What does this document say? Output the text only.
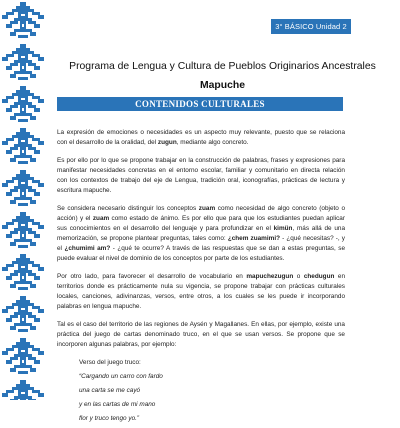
3° BÁSICO Unidad 2
Programa de Lengua y Cultura de Pueblos Originarios Ancestrales
Mapuche
CONTENIDOS CULTURALES

La expresión de emociones o necesidades es un aspecto muy relevante, puesto que se relaciona con el desarrollo de la oralidad, del zugun, mediante algo concreto.

Es por ello por lo que se propone trabajar en la construcción de palabras, frases y expresiones para manifestar necesidades concretas en el entorno escolar, familiar y comunitario en directa relación con los contextos de trabajo del eje de Lengua, tradición oral, iconografías, prácticas de lectura y escritura mapuche.

Se considera necesario distinguir los conceptos zuam como necesidad de algo concreto (objeto o acción) y el zuam como estado de ánimo. Es por ello que para que los estudiantes puedan aplicar sus conocimientos en el desarrollo del lenguaje y para profundizar en el kimün, más allá de una memorización, se propone plantear preguntas, tales como: ¿chem zuamimi? - ¿qué necesitas? -, y el ¿chumimi am? - ¿qué te ocurre? A través de las respuestas que se dan a estas preguntas, se puede evaluar el nivel de dominio de los conceptos por parte de los estudiantes.

Por otro lado, para favorecer el desarrollo de vocabulario en mapuchezugun o chedugun en territorios donde es prácticamente nula su vigencia, se propone trabajar con prácticas culturales locales, canciones, adivinanzas, versos, entre otros, a los cuales se les puede ir incorporando palabras en lengua mapuche.

Tal es el caso del territorio de las regiones de Aysén y Magallanes. En ellas, por ejemplo, existe una práctica del juego de cartas denominado truco, en el que se usan versos. Se propone que se incorporen algunas palabras, por ejemplo:

Verso del juego truco:
“Cargando un carro con fardo
una carta se me cayó
y en las cartas de mi mano
flor y truco tengo yo.”
